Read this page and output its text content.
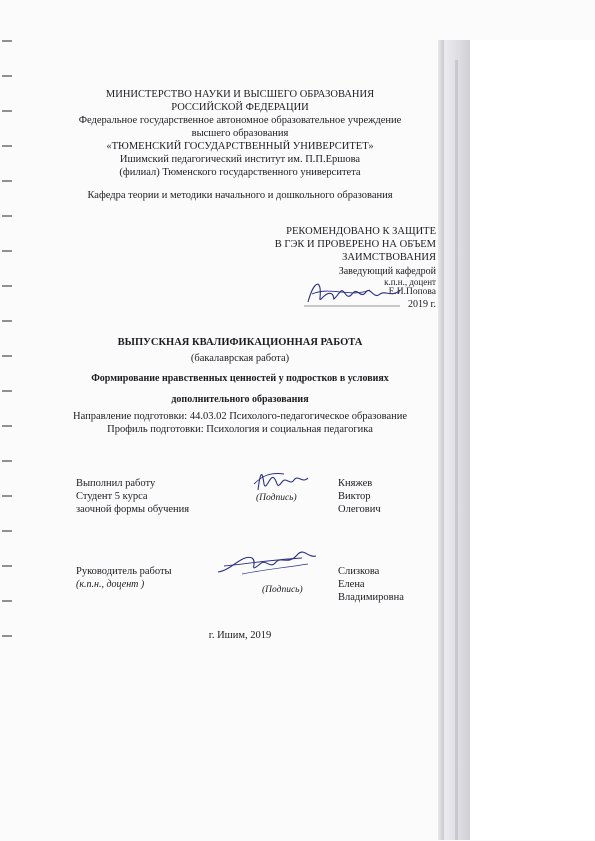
МИНИСТЕРСТВО НАУКИ И ВЫСШЕГО ОБРАЗОВАНИЯ
РОССИЙСКОЙ ФЕДЕРАЦИИ
Федеральное государственное автономное образовательное учреждение
высшего образования
«ТЮМЕНСКИЙ ГОСУДАРСТВЕННЫЙ УНИВЕРСИТЕТ»
Ишимский педагогический институт им. П.П.Ершова
(филиал) Тюменского государственного университета
Кафедра теории и методики начального и дошкольного образования
РЕКОМЕНДОВАНО К ЗАЩИТЕ
В ГЭК И ПРОВЕРЕНО НА ОБЪЕМ
ЗАИМСТВОВАНИЯ
Заведующий кафедрой
к.п.н., доцент
Е.И.Попова
2019 г.
ВЫПУСКНАЯ КВАЛИФИКАЦИОННАЯ РАБОТА
(бакалаврская работа)
Формирование нравственных ценностей у подростков в условиях
дополнительного образования
Направление подготовки: 44.03.02 Психолого-педагогическое образование
Профиль подготовки: Психология и социальная педагогика
Выполнил работу
Студент 5 курса
заочной формы обучения
(Подпись)
Княжев
Виктор
Олегович
Руководитель работы
(к.п.н., доцент )	(Подпись)
Слизкова
Елена
Владимировна
г. Ишим, 2019
